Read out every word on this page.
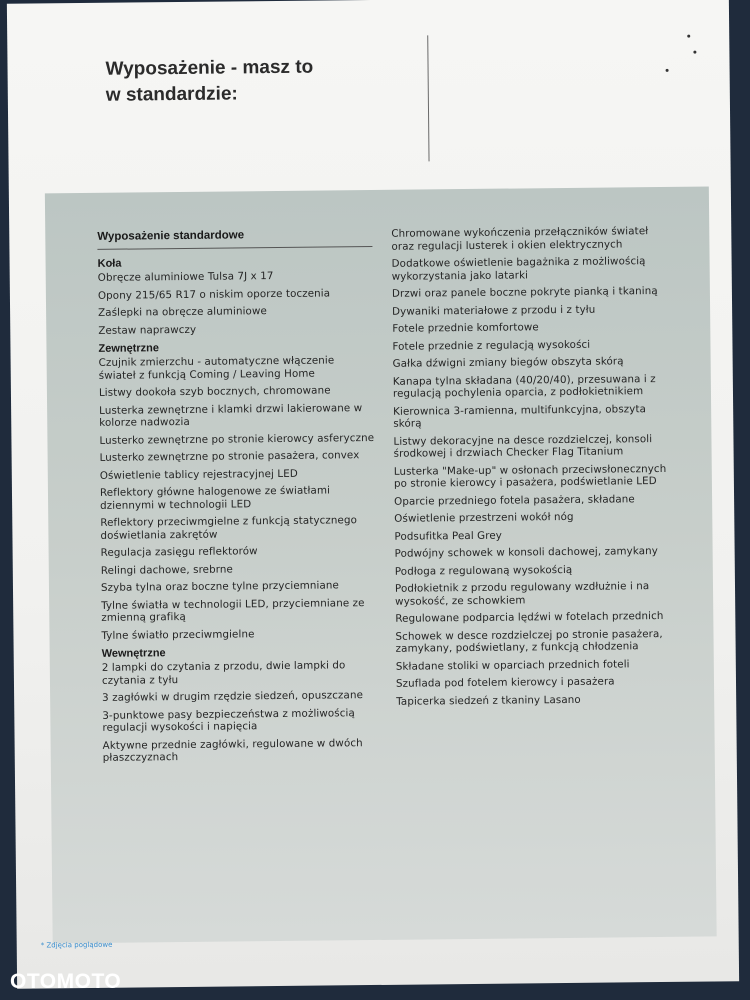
Wyposażenie - masz to
w standardzie:
Wyposażenie standardowe
Koła
Obręcze aluminiowe Tulsa 7J x 17
Opony 215/65 R17 o niskim oporze toczenia
Zaślepki na obręcze aluminiowe
Zestaw naprawczy
Zewnętrzne
Czujnik zmierzchu - automatyczne włączenie świateł z funkcją Coming / Leaving Home
Listwy dookoła szyb bocznych, chromowane
Lusterka zewnętrzne i klamki drzwi lakierowane w kolorze nadwozia
Lusterko zewnętrzne po stronie kierowcy asferyczne
Lusterko zewnętrzne po stronie pasażera, convex
Oświetlenie tablicy rejestracyjnej LED
Reflektory główne halogenowe ze światłami dziennymi w technologii LED
Reflektory przeciwmgielne z funkcją statycznego doświetlania zakrętów
Regulacja zasięgu reflektorów
Relingi dachowe, srebrne
Szyba tylna oraz boczne tylne przyciemniane
Tylne światła w technologii LED, przyciemniane ze zmienną grafiką
Tylne światło przeciwmgielne
Wewnętrzne
2 lampki do czytania z przodu, dwie lampki do czytania z tyłu
3 zagłówki w drugim rzędzie siedzeń, opuszczane
3-punktowe pasy bezpieczeństwa z możliwością regulacji wysokości i napięcia
Aktywne przednie zagłówki, regulowane w dwóch płaszczyznach
Chromowane wykończenia przełączników świateł oraz regulacji lusterek i okien elektrycznych
Dodatkowe oświetlenie bagażnika z możliwością wykorzystania jako latarki
Drzwi oraz panele boczne pokryte pianką i tkaniną
Dywaniki materiałowe z przodu i z tyłu
Fotele przednie komfortowe
Fotele przednie z regulacją wysokości
Gałka dźwigni zmiany biegów obszyta skórą
Kanapa tylna składana (40/20/40), przesuwana i z regulacją pochylenia oparcia, z podłokietnikiem
Kierownica 3-ramienna, multifunkcyjna, obszyta skórą
Listwy dekoracyjne na desce rozdzielczej, konsoli środkowej i drzwiach Checker Flag Titanium
Lusterka "Make-up" w osłonach przeciwsłonecznych po stronie kierowcy i pasażera, podświetlanie LED
Oparcie przedniego fotela pasażera, składane
Oświetlenie przestrzeni wokół nóg
Podsufitka Peal Grey
Podwójny schowek w konsoli dachowej, zamykany
Podłoga z regulowaną wysokością
Podłokietnik z przodu regulowany wzdłużnie i na wysokość, ze schowkiem
Regulowane podparcia lędźwi w fotelach przednich
Schowek w desce rozdzielczej po stronie pasażera, zamykany, podświetlany, z funkcją chłodzenia
Składane stoliki w oparciach przednich foteli
Szuflada pod fotelem kierowcy i pasażera
Tapicerka siedzeń z tkaniny Lasano
* Zdjęcia poglądowe
OTOMOTO
